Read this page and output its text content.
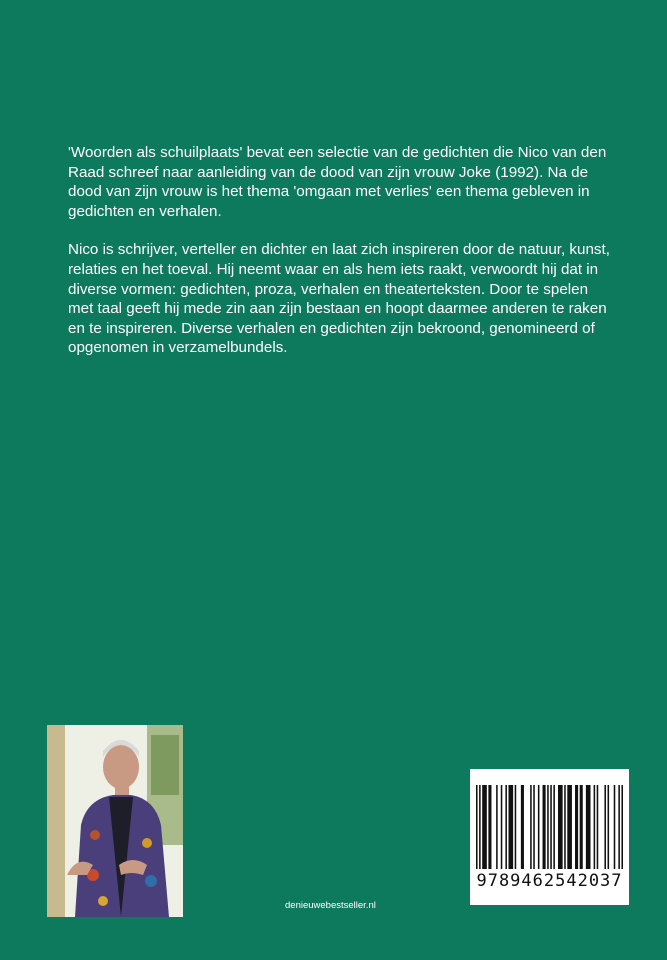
'Woorden als schuilplaats' bevat een selectie van de gedichten die Nico van den Raad schreef naar aanleiding van de dood van zijn vrouw Joke (1992). Na de dood van zijn vrouw is het thema 'omgaan met verlies' een thema gebleven in gedichten en verhalen.

Nico is schrijver, verteller en dichter en laat zich inspireren door de natuur, kunst, relaties en het toeval. Hij neemt waar en als hem iets raakt, verwoordt hij dat in diverse vormen: gedichten, proza, verhalen en theaterteksten. Door te spelen met taal geeft hij mede zin aan zijn bestaan en hoopt daarmee anderen te raken en te inspireren. Diverse verhalen en gedichten zijn bekroond, genomineerd of opgenomen in verzamelbundels.

denieuwebestseller.nl
9789462542037
